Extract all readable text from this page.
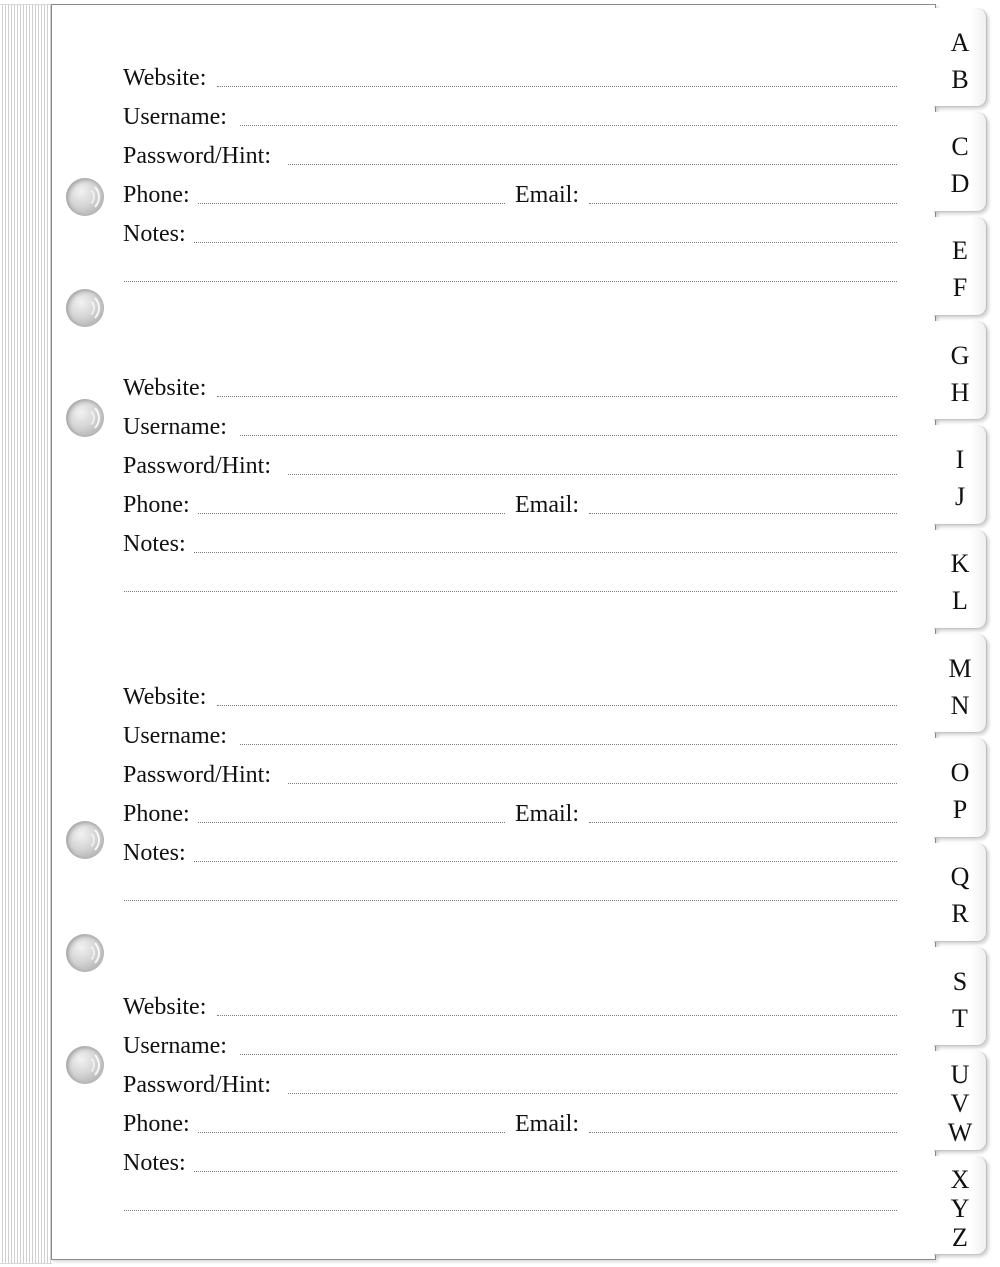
Website:
Username:
Password/Hint:
Phone:	Email:
Notes:
Website:
Username:
Password/Hint:
Phone:	Email:
Notes:
Website:
Username:
Password/Hint:
Phone:	Email:
Notes:
Website:
Username:
Password/Hint:
Phone:	Email:
Notes:
A
B
C
D
E
F
G
H
I
J
K
L
M
N
O
P
Q
R
S
T
U
V
W
X
Y
Z
